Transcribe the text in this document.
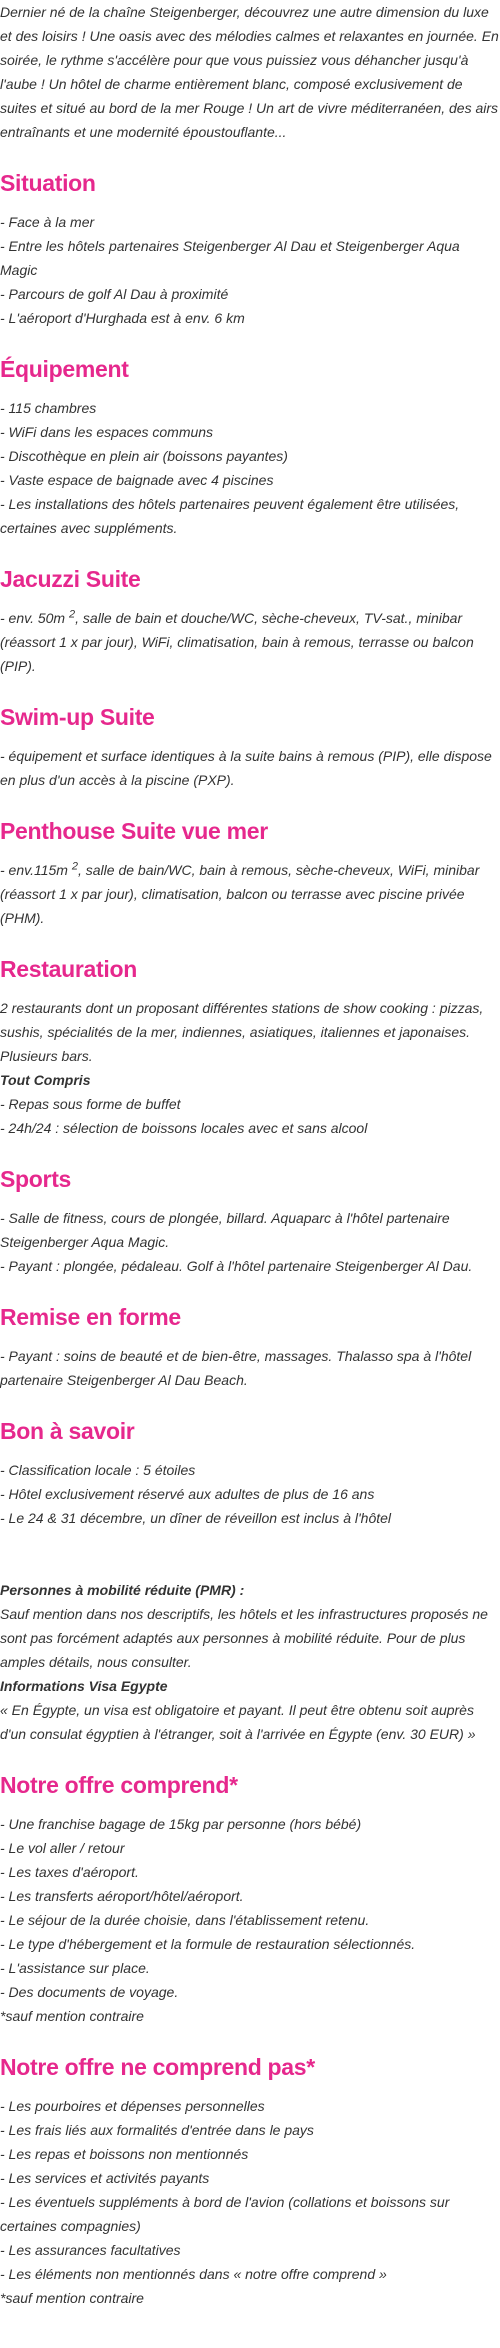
Dernier né de la chaîne Steigenberger, découvrez une autre dimension du luxe et des loisirs ! Une oasis avec des mélodies calmes et relaxantes en journée. En soirée, le rythme s'accélère pour que vous puissiez vous déhancher jusqu'à l'aube ! Un hôtel de charme entièrement blanc, composé exclusivement de suites et situé au bord de la mer Rouge ! Un art de vivre méditerranéen, des airs entraînants et une modernité époustouflante...

Situation

- Face à la mer

- Entre les hôtels partenaires Steigenberger Al Dau et Steigenberger Aqua Magic

- Parcours de golf Al Dau à proximité

- L'aéroport d'Hurghada est à env. 6 km

Équipement

- 115 chambres

- WiFi dans les espaces communs

- Discothèque en plein air (boissons payantes)

- Vaste espace de baignade avec 4 piscines

- Les installations des hôtels partenaires peuvent également être utilisées, certaines avec suppléments.

Jacuzzi Suite

- env. 50m $^2$, salle de bain et douche/WC, sèche-cheveux, TV-sat., minibar (réassort 1 x par jour), WiFi, climatisation, bain à remous, terrasse ou balcon (PIP).

Swim-up Suite

- équipement et surface identiques à la suite bains à remous (PIP), elle dispose en plus d'un accès à la piscine (PXP).

Penthouse Suite vue mer

- env.115m $^2$, salle de bain/WC, bain à remous, sèche-cheveux, WiFi, minibar (réassort 1 x par jour), climatisation, balcon ou terrasse avec piscine privée (PHM).

Restauration

2 restaurants dont un proposant différentes stations de show cooking : pizzas, sushis, spécialités de la mer, indiennes, asiatiques, italiennes et japonaises. Plusieurs bars.

Tout Compris

- Repas sous forme de buffet

- 24h/24 : sélection de boissons locales avec et sans alcool

Sports

- Salle de fitness, cours de plongée, billard. Aquaparc à l'hôtel partenaire Steigenberger Aqua Magic.

- Payant : plongée, pédaleau. Golf à l'hôtel partenaire Steigenberger Al Dau.

Remise en forme

- Payant : soins de beauté et de bien-être, massages. Thalasso spa à l'hôtel partenaire Steigenberger Al Dau Beach.

Bon à savoir

- Classification locale : 5 étoiles

- Hôtel exclusivement réservé aux adultes de plus de 16 ans

- Le 24 & 31 décembre, un dîner de réveillon est inclus à l'hôtel

Personnes à mobilité réduite (PMR) :

Sauf mention dans nos descriptifs, les hôtels et les infrastructures proposés ne sont pas forcément adaptés aux personnes à mobilité réduite. Pour de plus amples détails, nous consulter.

Informations Visa Egypte

« En Égypte, un visa est obligatoire et payant. Il peut être obtenu soit auprès d'un consulat égyptien à l'étranger, soit à l'arrivée en Égypte (env. 30 EUR) »

Notre offre comprend*

- Une franchise bagage de 15kg par personne (hors bébé)

- Le vol aller / retour

- Les taxes d'aéroport.

- Les transferts aéroport/hôtel/aéroport.

- Le séjour de la durée choisie, dans l'établissement retenu.

- Le type d'hébergement et la formule de restauration sélectionnés.

- L'assistance sur place.

- Des documents de voyage.

*sauf mention contraire

Notre offre ne comprend pas*

- Les pourboires et dépenses personnelles

- Les frais liés aux formalités d'entrée dans le pays

- Les repas et boissons non mentionnés

- Les services et activités payants

- Les éventuels suppléments à bord de l'avion (collations et boissons sur certaines compagnies)

- Les assurances facultatives

- Les éléments non mentionnés dans « notre offre comprend »

*sauf mention contraire
